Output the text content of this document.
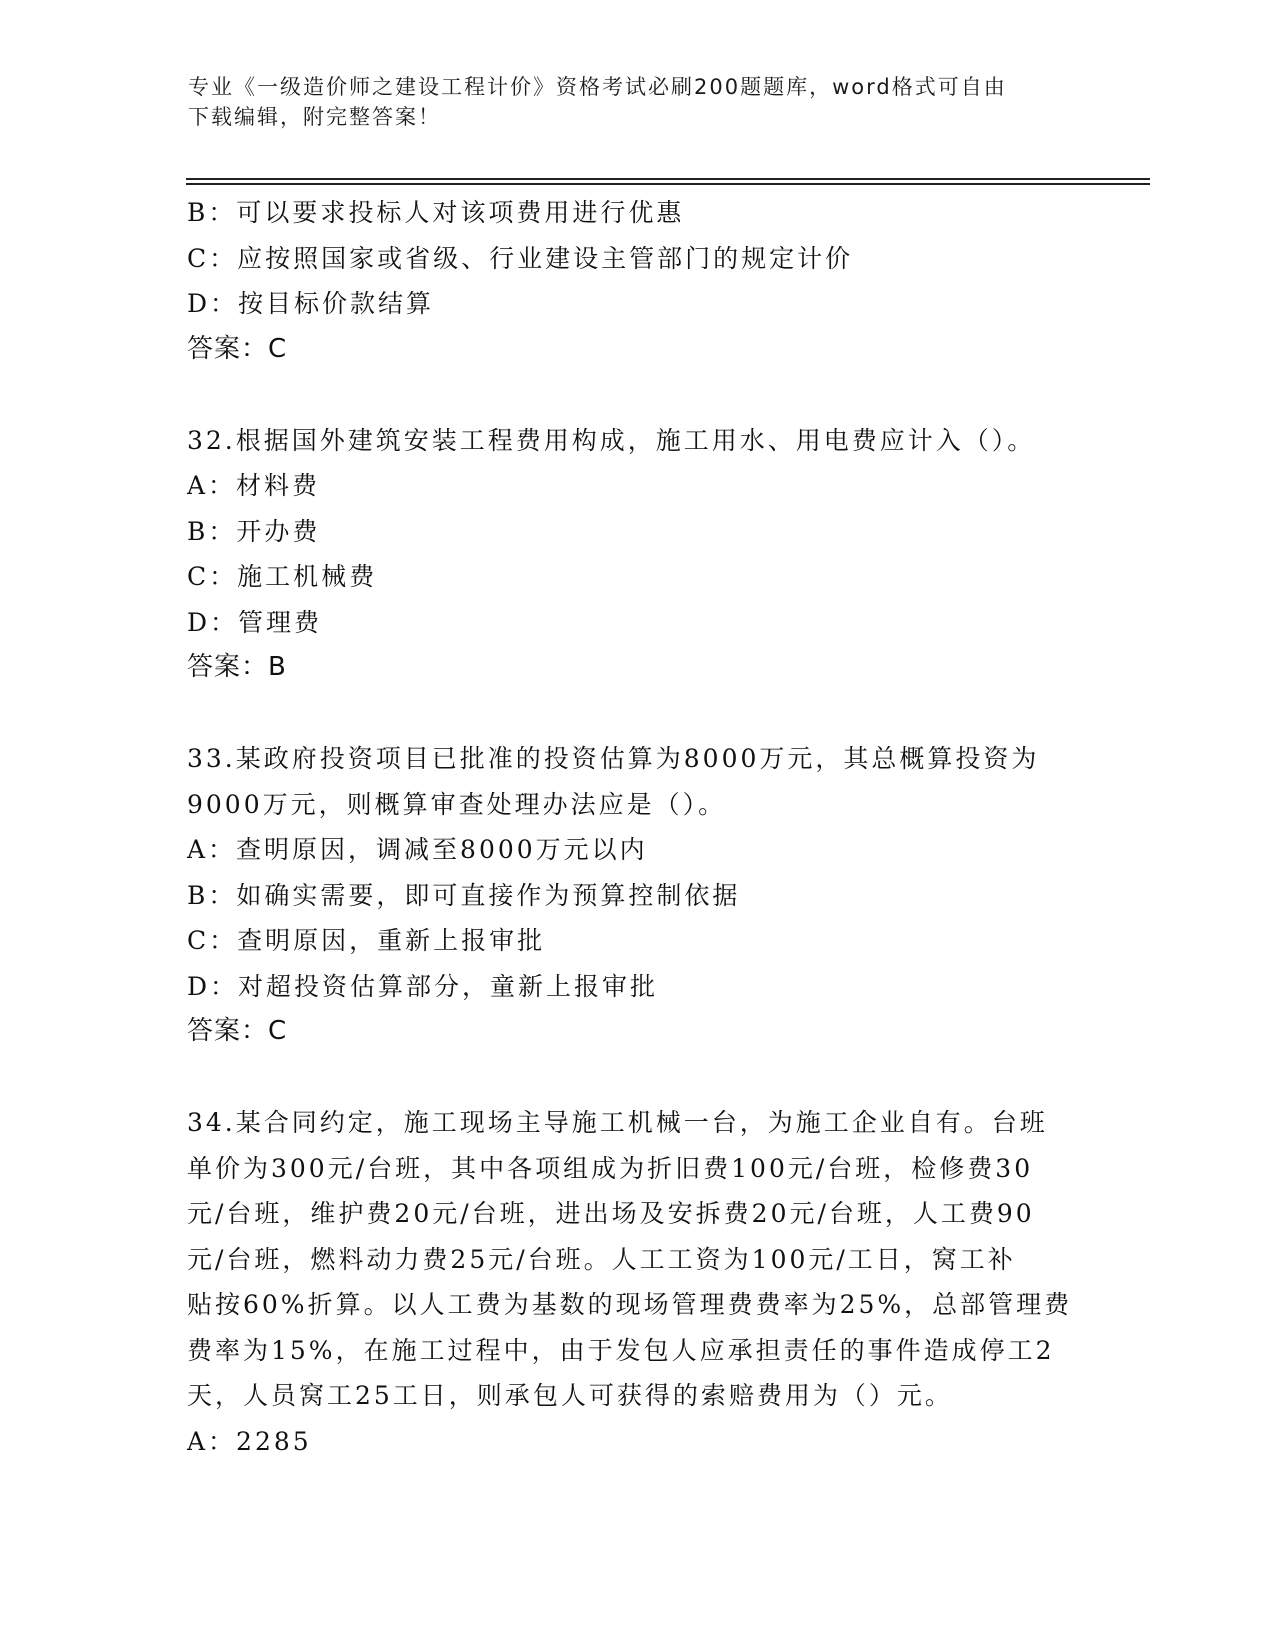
专业《一级造价师之建设工程计价》资格考试必刷200题题库，word格式可自由
下载编辑，附完整答案！
B：可以要求投标人对该项费用进行优惠
C：应按照国家或省级、行业建设主管部门的规定计价
D：按目标价款结算
答案：C
32.根据国外建筑安装工程费用构成，施工用水、用电费应计入（）。
A：材料费
B：开办费
C：施工机械费
D：管理费
答案：B
33.某政府投资项目已批准的投资估算为8000万元，其总概算投资为
9000万元，则概算审查处理办法应是（）。
A：查明原因，调减至8000万元以内
B：如确实需要，即可直接作为预算控制依据
C：查明原因，重新上报审批
D：对超投资估算部分，童新上报审批
答案：C
34.某合同约定，施工现场主导施工机械一台，为施工企业自有。台班
单价为300元/台班，其中各项组成为折旧费100元/台班，检修费30
元/台班，维护费20元/台班，进出场及安拆费20元/台班，人工费90
元/台班，燃料动力费25元/台班。人工工资为100元/工日，窝工补
贴按60%折算。以人工费为基数的现场管理费费率为25%，总部管理费
费率为15%，在施工过程中，由于发包人应承担责任的事件造成停工2
天，人员窝工25工日，则承包人可获得的索赔费用为（）元。
A：2285
